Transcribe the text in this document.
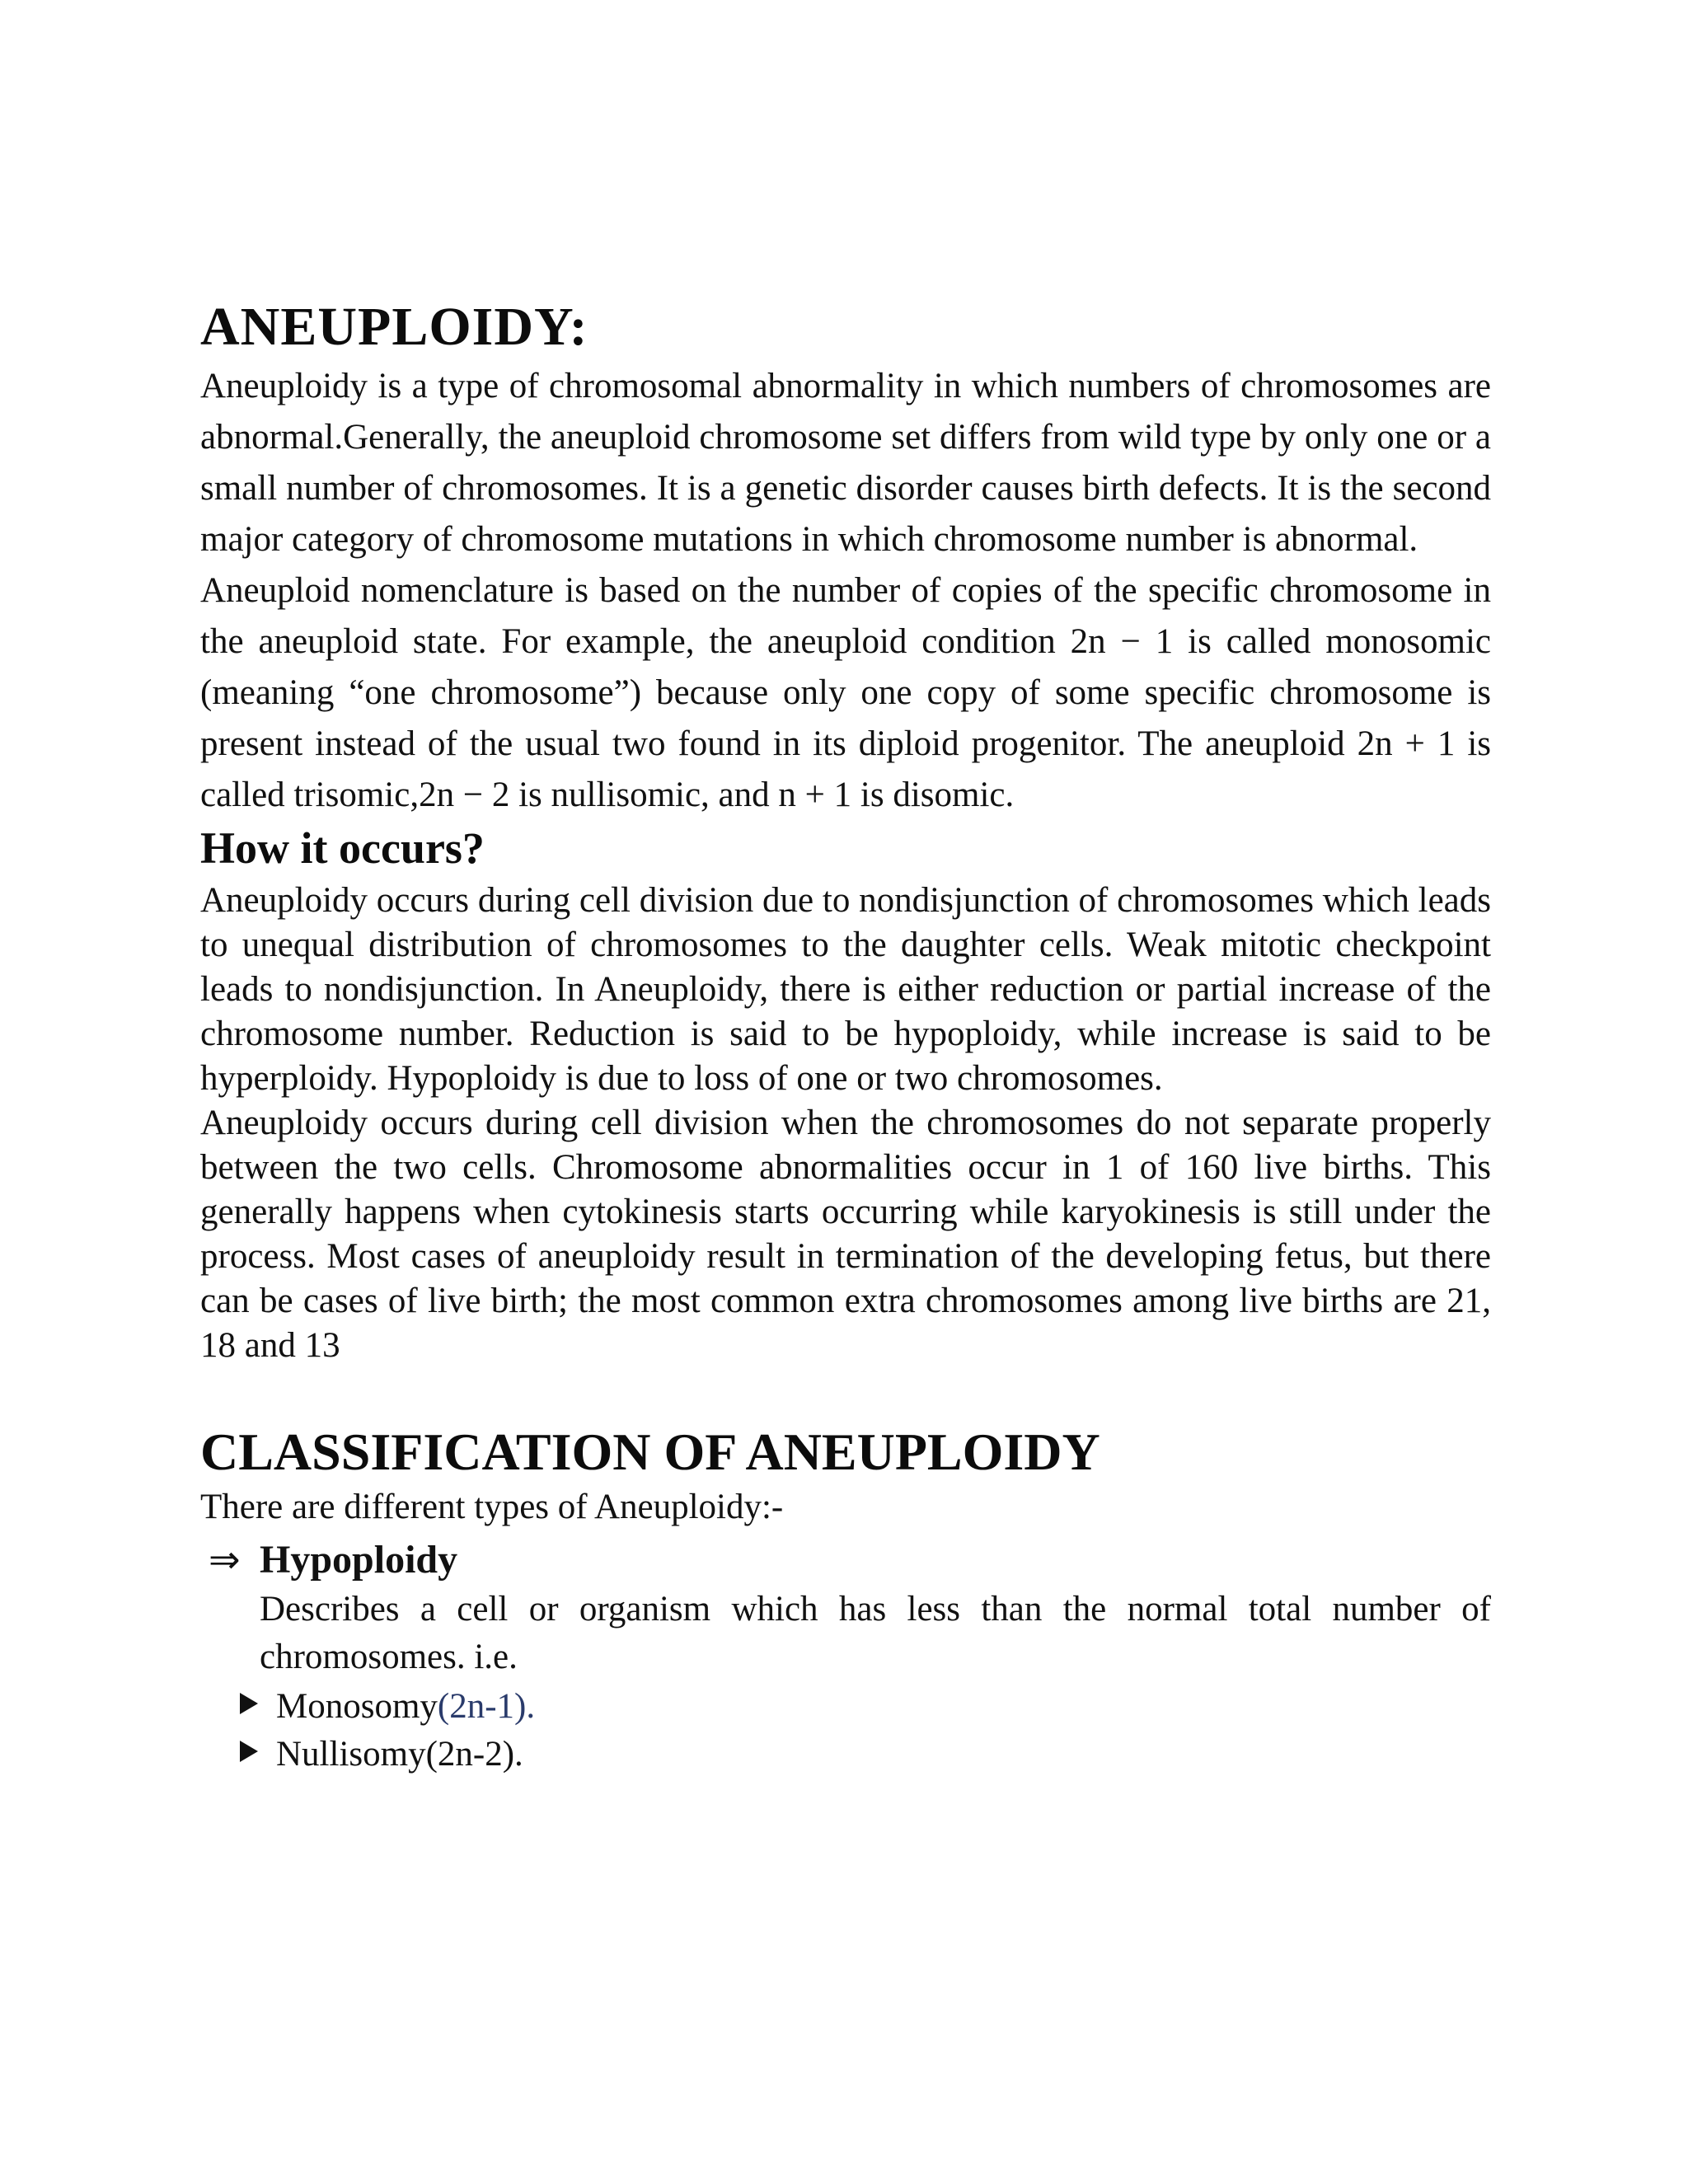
ANEUPLOIDY:

Aneuploidy is a type of chromosomal abnormality in which numbers of chromosomes are abnormal.Generally, the aneuploid chromosome set differs from wild type by only one or a small number of chromosomes. It is a genetic disorder causes birth defects. It is the second major category of chromosome mutations in which chromosome number is abnormal.

Aneuploid nomenclature is based on the number of copies of the specific chromosome in the aneuploid state. For example, the aneuploid condition 2n − 1 is called monosomic (meaning “one chromosome”) because only one copy of some specific chromosome is present instead of the usual two found in its diploid progenitor. The aneuploid 2n + 1 is called trisomic,2n − 2 is nullisomic, and n + 1 is disomic.

How it occurs?

Aneuploidy occurs during cell division due to nondisjunction of chromosomes which leads to unequal distribution of chromosomes to the daughter cells. Weak mitotic checkpoint leads to nondisjunction. In Aneuploidy, there is either reduction or partial increase of the chromosome number. Reduction is said to be hypoploidy, while increase is said to be hyperploidy. Hypoploidy is due to loss of one or two chromosomes.

Aneuploidy occurs during cell division when the chromosomes do not separate properly between the two cells. Chromosome abnormalities occur in 1 of 160 live births. This generally happens when cytokinesis starts occurring while karyokinesis is still under the process. Most cases of aneuploidy result in termination of the developing fetus, but there can be cases of live birth; the most common extra chromosomes among live births are 21, 18 and 13

CLASSIFICATION OF ANEUPLOIDY

There are different types of Aneuploidy:-

⇒ Hypoploidy

Describes a cell or organism which has less than the normal total number of chromosomes. i.e.

Monosomy (2n-1).
Nullisomy (2n-2).
